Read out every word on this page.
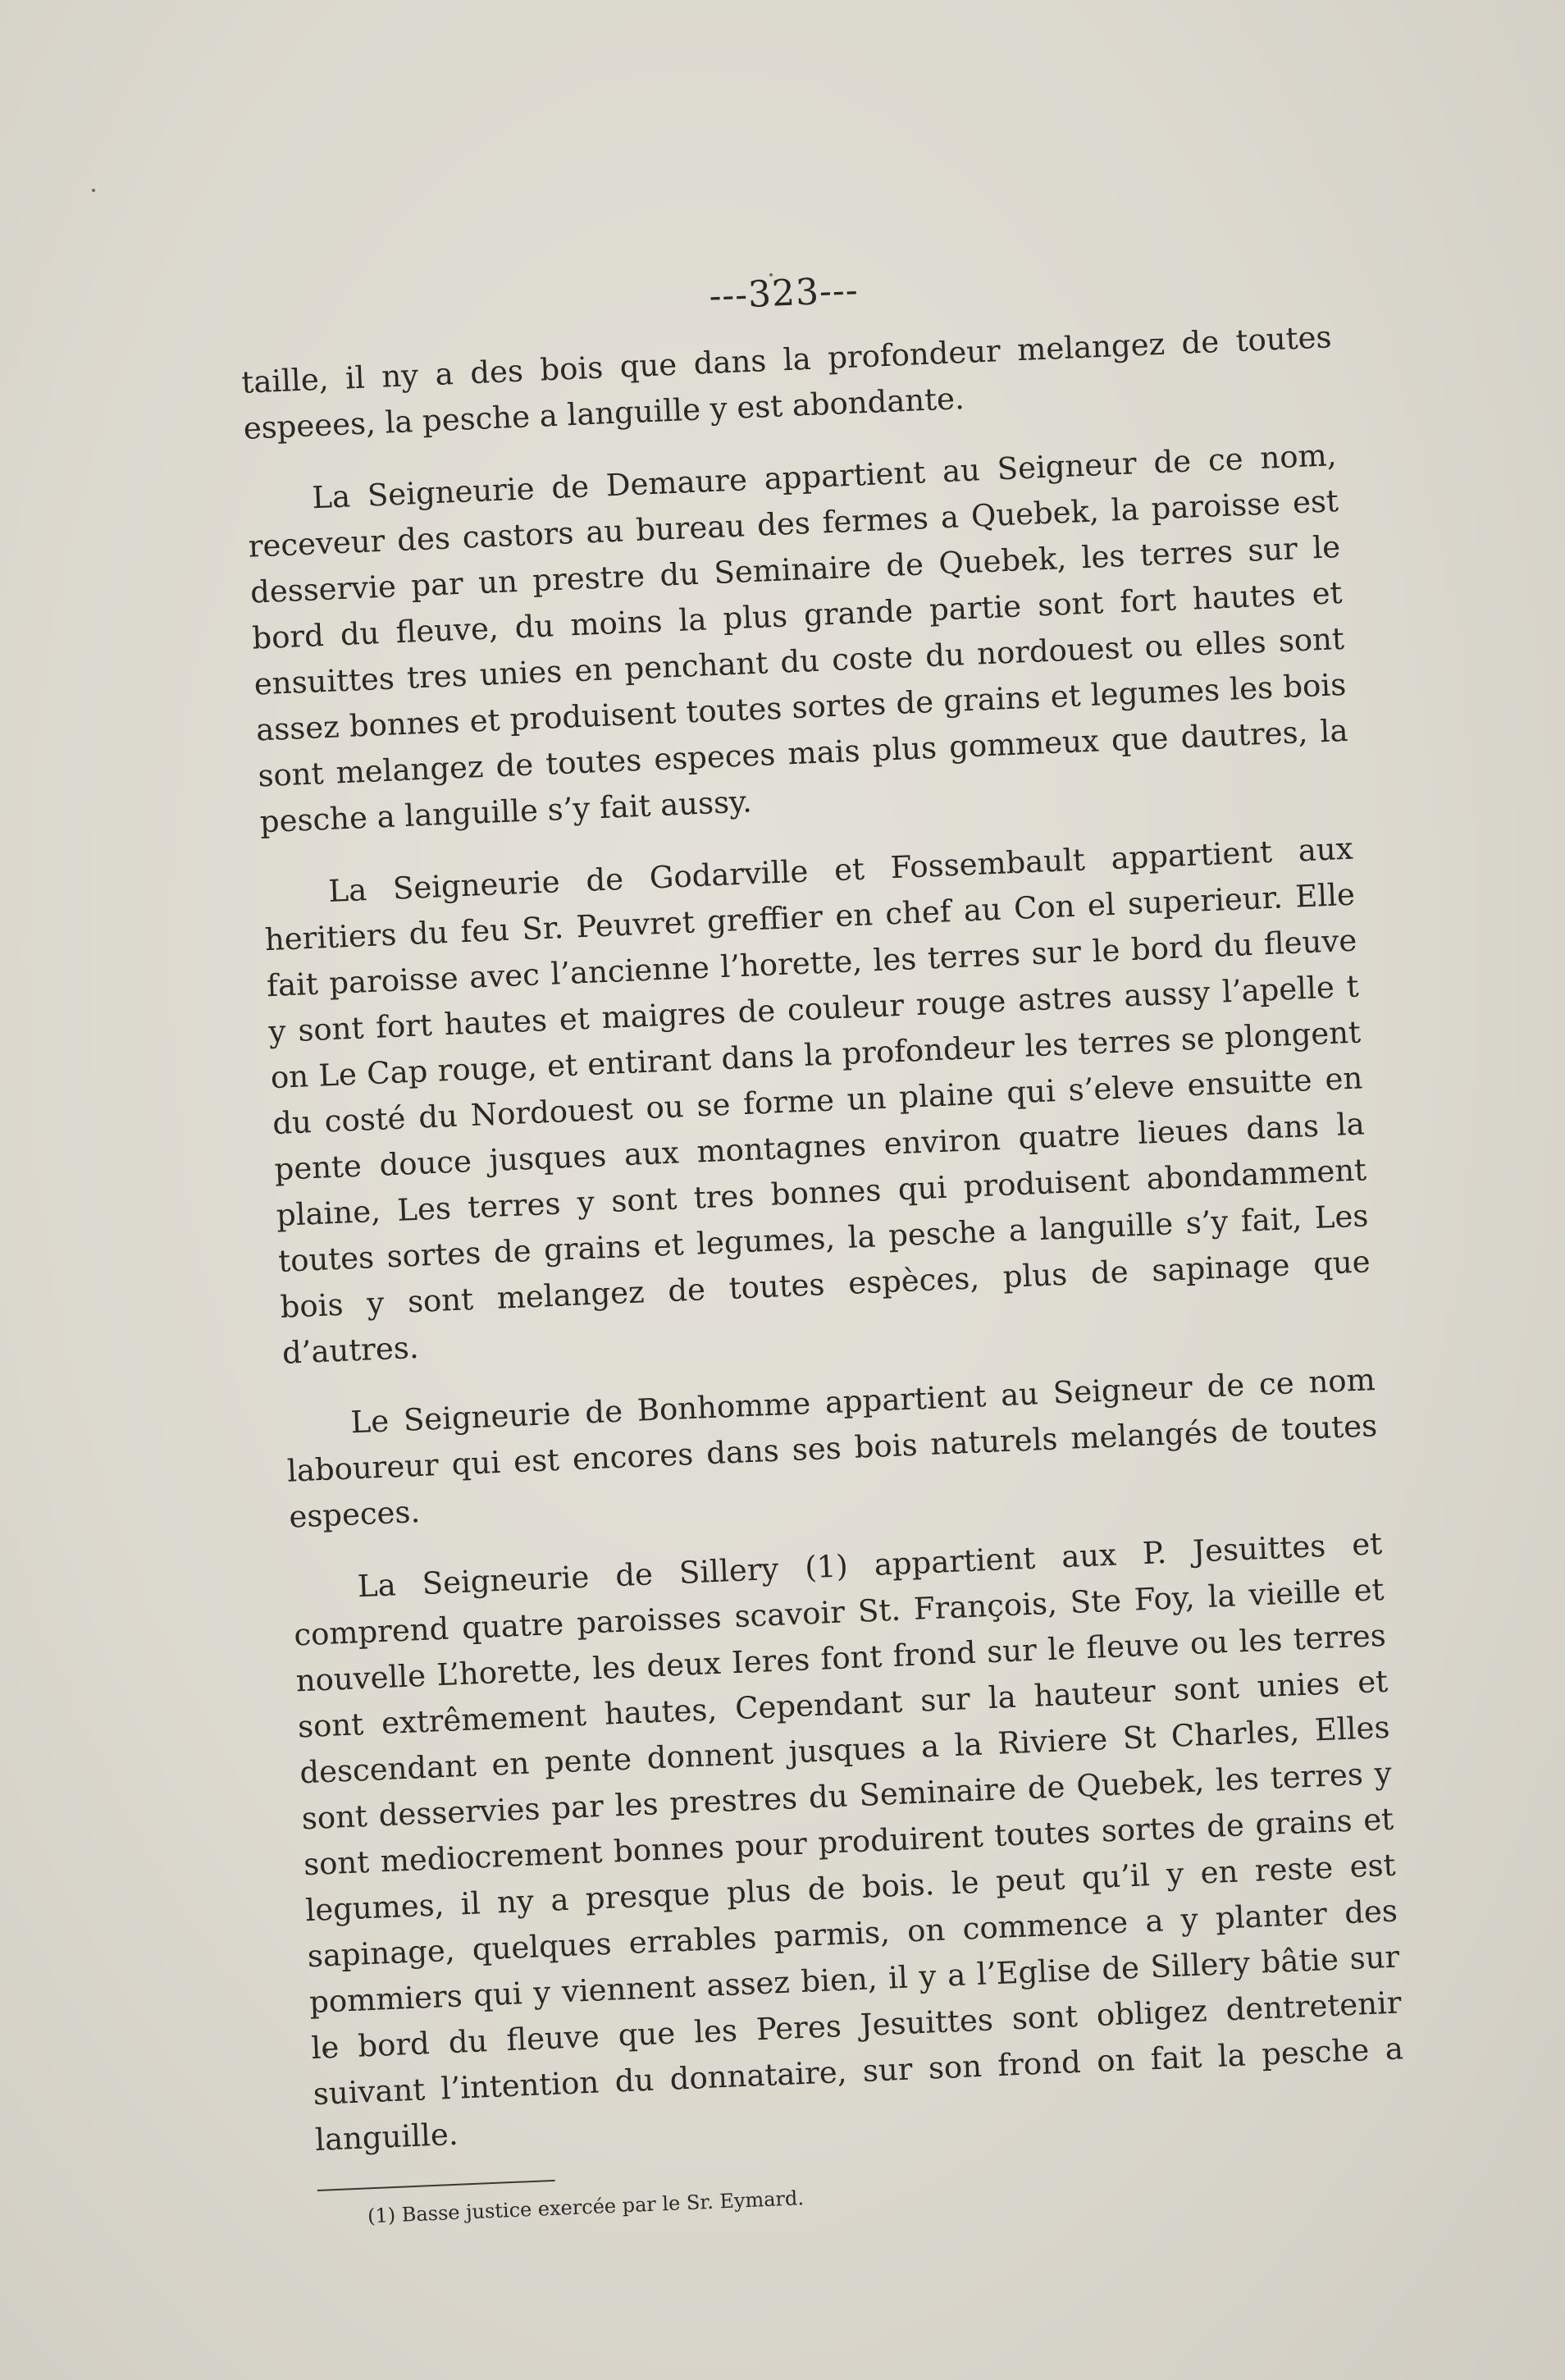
---323---

taille, il ny a des bois que dans la profondeur melangez de toutes espeees, la pesche a languille y est abondante.

La Seigneurie de Demaure appartient au Seigneur de ce nom, receveur des castors au bureau des fermes a Quebek, la paroisse est desservie par un prestre du Seminaire de Quebek, les terres sur le bord du fleuve, du moins la plus grande partie sont fort hautes et ensuittes tres unies en penchant du coste du nordouest ou elles sont assez bonnes et produisent toutes sortes de grains et legumes les bois sont melangez de toutes especes mais plus gommeux que dautres, la pesche a languille s’y fait aussy.

La Seigneurie de Godarville et Fossembault appartient aux heritiers du feu Sr. Peuvret greffier en chef au Con el superieur. Elle fait paroisse avec l’ancienne l’horette, les terres sur le bord du fleuve y sont fort hautes et maigres de couleur rouge astres aussy l’apelle t on Le Cap rouge, et entirant dans la profondeur les terres se plongent du costé du Nordouest ou se forme un plaine qui s’eleve ensuitte en pente douce jusques aux montagnes environ quatre lieues dans la plaine, Les terres y sont tres bonnes qui produisent abondamment toutes sortes de grains et legumes, la pesche a languille s’y fait, Les bois y sont melangez de toutes espèces, plus de sapinage que d’autres.

Le Seigneurie de Bonhomme appartient au Seigneur de ce nom laboureur qui est encores dans ses bois naturels melangés de toutes especes.

La Seigneurie de Sillery (1) appartient aux P. Jesuittes et comprend quatre paroisses scavoir St. François, Ste Foy, la vieille et nouvelle L’horette, les deux Ieres font frond sur le fleuve ou les terres sont extrêmement hautes, Cependant sur la hauteur sont unies et descendant en pente donnent jusques a la Riviere St Charles, Elles sont desservies par les prestres du Seminaire de Quebek, les terres y sont mediocrement bonnes pour produirent toutes sortes de grains et legumes, il ny a presque plus de bois. le peut qu’il y en reste est sapinage, quelques errables parmis, on commence a y planter des pommiers qui y viennent assez bien, il y a l’Eglise de Sillery bâtie sur le bord du fleuve que les Peres Jesuittes sont obligez dentretenir suivant l’intention du donnataire, sur son frond on fait la pesche a languille.

(1) Basse justice exercée par le Sr. Eymard.
